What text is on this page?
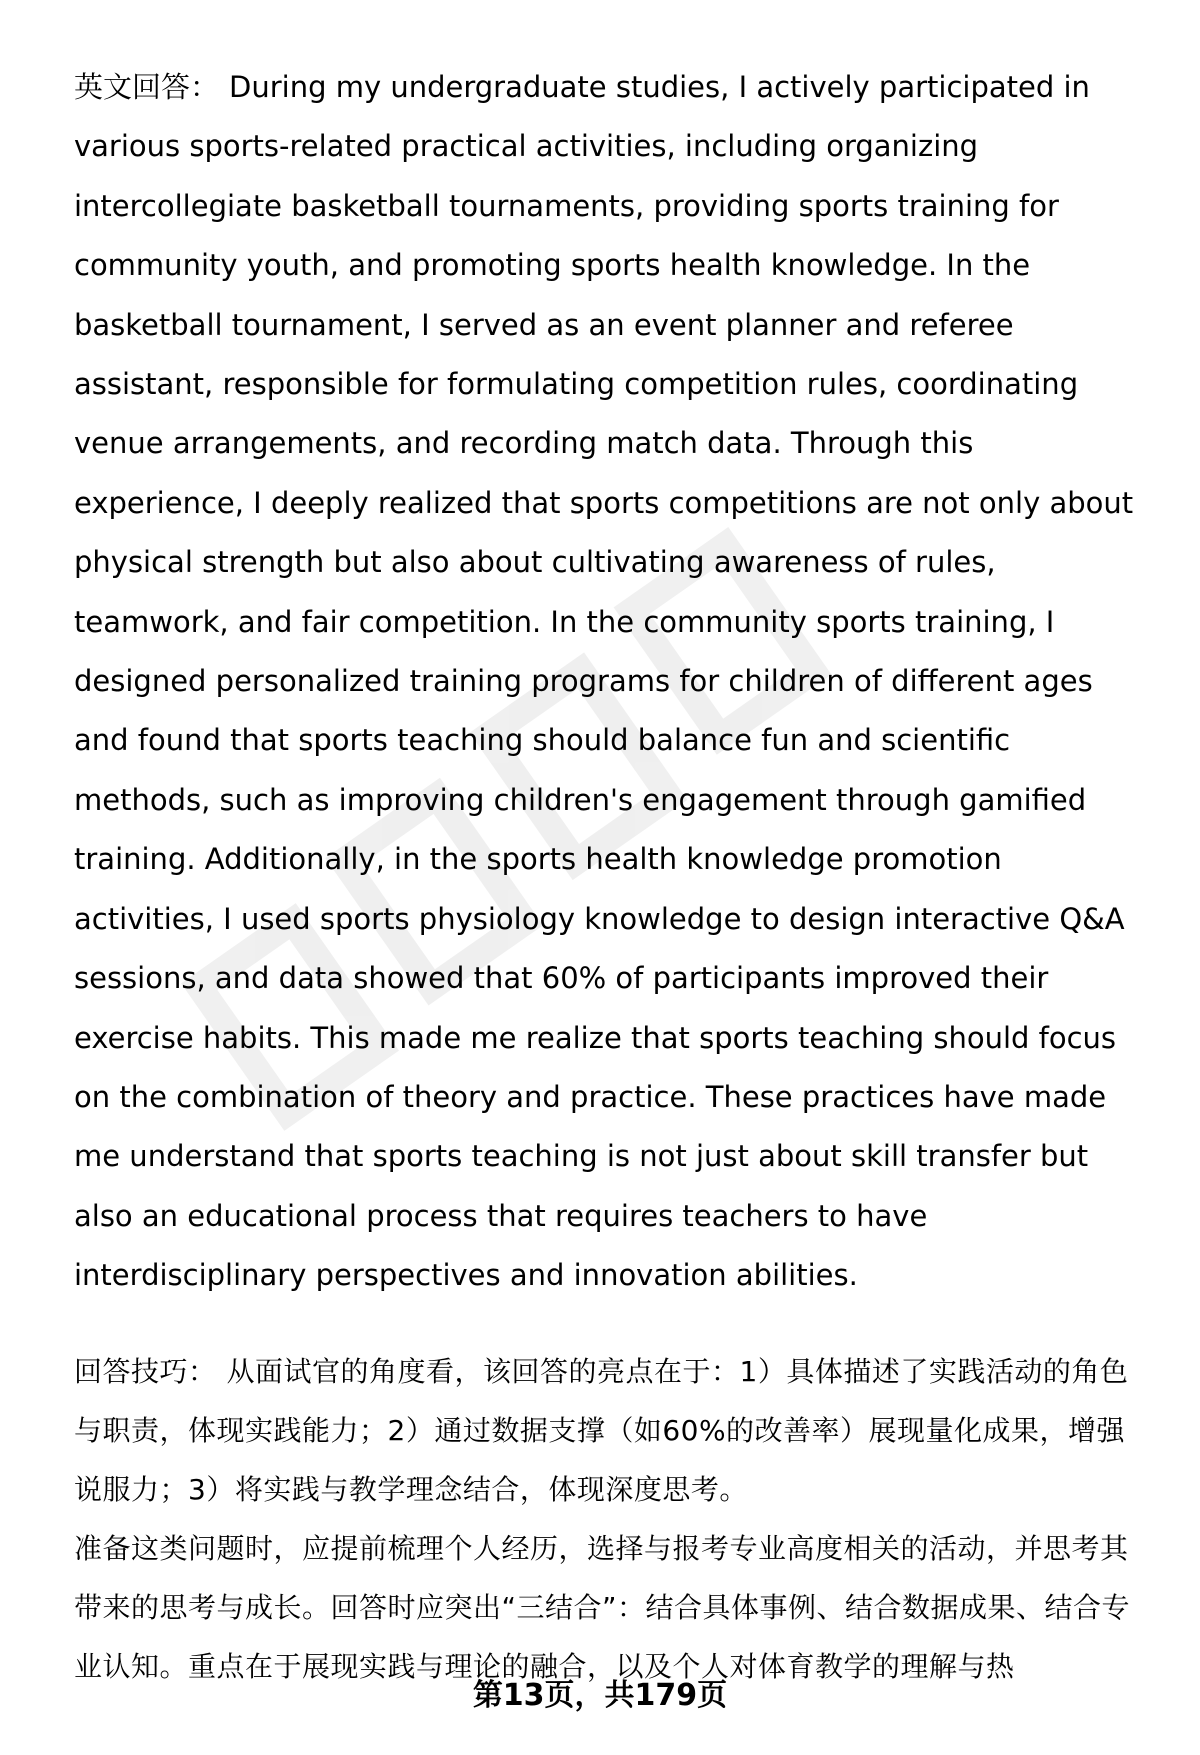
英文回答： During my undergraduate studies, I actively participated in various sports-related practical activities, including organizing intercollegiate basketball tournaments, providing sports training for community youth, and promoting sports health knowledge. In the basketball tournament, I served as an event planner and referee assistant, responsible for formulating competition rules, coordinating venue arrangements, and recording match data. Through this experience, I deeply realized that sports competitions are not only about physical strength but also about cultivating awareness of rules, teamwork, and fair competition. In the community sports training, I designed personalized training programs for children of different ages and found that sports teaching should balance fun and scientific methods, such as improving children's engagement through gamified training. Additionally, in the sports health knowledge promotion activities, I used sports physiology knowledge to design interactive Q&A sessions, and data showed that 60% of participants improved their exercise habits. This made me realize that sports teaching should focus on the combination of theory and practice. These practices have made me understand that sports teaching is not just about skill transfer but also an educational process that requires teachers to have interdisciplinary perspectives and innovation abilities.

回答技巧： 从面试官的角度看，该回答的亮点在于：1）具体描述了实践活动的角色与职责，体现实践能力；2）通过数据支撑（如60%的改善率）展现量化成果，增强说服力；3）将实践与教学理念结合，体现深度思考。

准备这类问题时，应提前梳理个人经历，选择与报考专业高度相关的活动，并思考其带来的思考与成长。回答时应突出“三结合”：结合具体事例、结合数据成果、结合专业认知。重点在于展现实践与理论的融合，以及个人对体育教学的理解与热

第13页，共179页
